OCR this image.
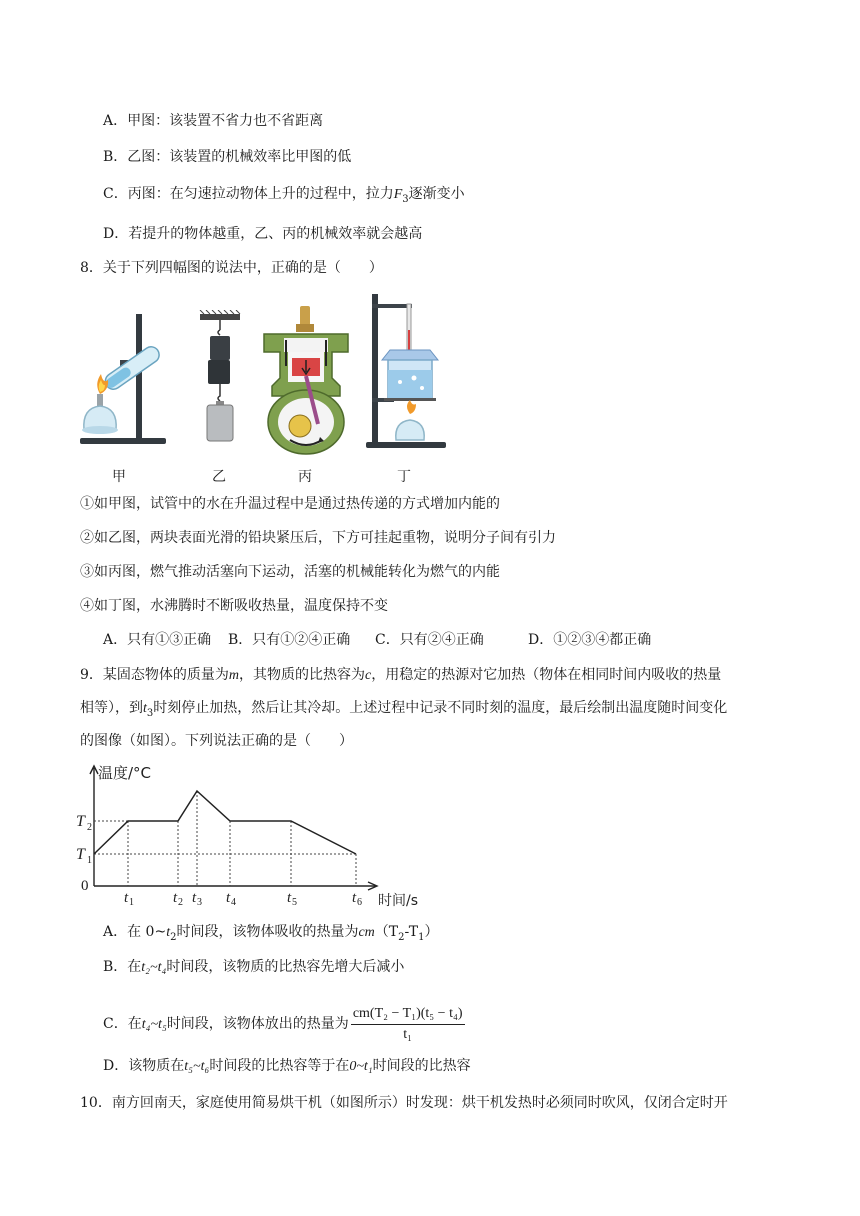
A．甲图：该装置不省力也不省距离
B．乙图：该装置的机械效率比甲图的低
C．丙图：在匀速拉动物体上升的过程中，拉力$F_3$逐渐变小
D．若提升的物体越重，乙、丙的机械效率就会越高
8．关于下列四幅图的说法中，正确的是（　　）
甲	乙	丙	丁
①如甲图，试管中的水在升温过程中是通过热传递的方式增加内能的
②如乙图，两块表面光滑的铅块紧压后，下方可挂起重物，说明分子间有引力
③如丙图，燃气推动活塞向下运动，活塞的机械能转化为燃气的内能
④如丁图，水沸腾时不断吸收热量，温度保持不变
A．只有①③正确 B．只有①②④正确 C．只有②④正确	D．①②③④都正确
9．某固态物体的质量为m，其物质的比热容为c，用稳定的热源对它加热（物体在相同时间内吸收的热量
相等），到$t_3$时刻停止加热，然后让其冷却。上述过程中记录不同时刻的温度，最后绘制出温度随时间变化
的图像（如图）。下列说法正确的是（　　）
温度/°C
时间/s
T 2
T 1
0
t 1	t 2 t 3 t 4	t 5	t 6
A．在 $0\sim t_2$时间段，该物体吸收的热量为$cm(T_2-T_1)$
B．在t₂~t₄时间段，该物质的比热容先增大后减小
C．在t₄~t₅时间段，该物体放出的热量为 $\frac{\text{cm(T₂ − T₁)(t₅ − t₄)}}{\text{t₁}}$
D．该物质在t₅~t₆时间段的比热容等于在0~t₁时间段的比热容
10．南方回南天，家庭使用简易烘干机（如图所示）时发现：烘干机发热时必须同时吹风，仅闭合定时开
